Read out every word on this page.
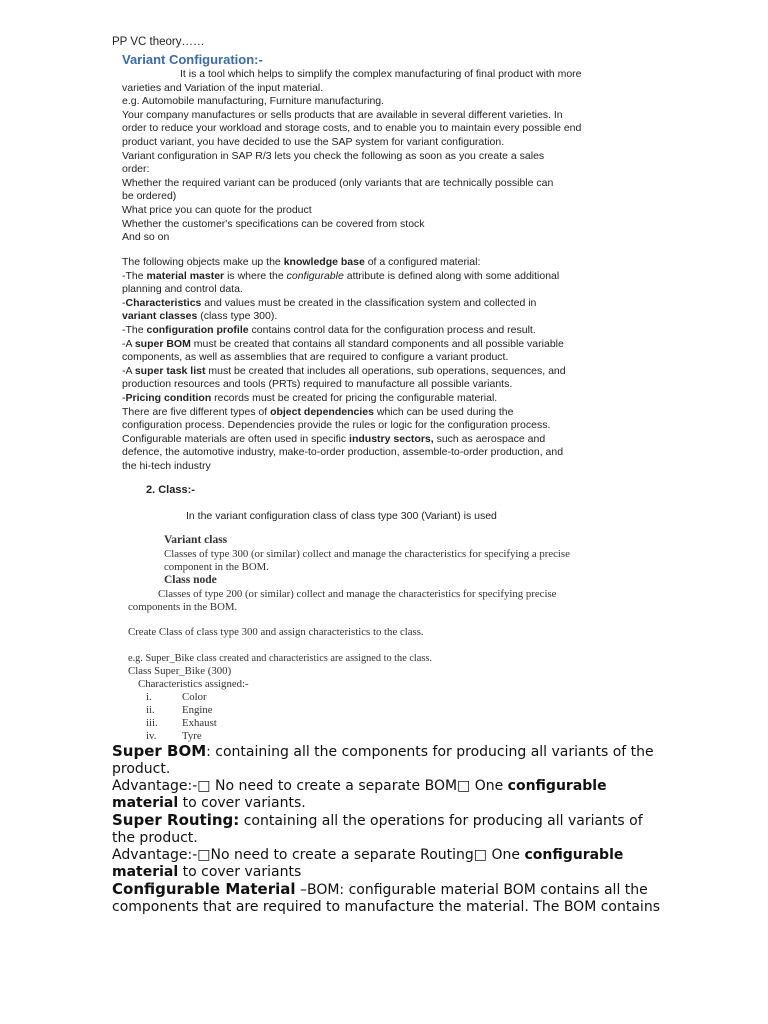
PP VC theory……
Variant Configuration:-
It is a tool which helps to simplify the complex manufacturing of final product with more
varieties and Variation of the input material.
e.g. Automobile manufacturing, Furniture manufacturing.
Your company manufactures or sells products that are available in several different varieties. In
order to reduce your workload and storage costs, and to enable you to maintain every possible end
product variant, you have decided to use the SAP system for variant configuration.
Variant configuration in SAP R/3 lets you check the following as soon as you create a sales
order:
Whether the required variant can be produced (only variants that are technically possible can
be ordered)
What price you can quote for the product
Whether the customer's specifications can be covered from stock
And so on
The following objects make up the knowledge base of a configured material:
-The material master is where the configurable attribute is defined along with some additional
planning and control data.
-Characteristics and values must be created in the classification system and collected in
variant classes (class type 300).
-The configuration profile contains control data for the configuration process and result.
-A super BOM must be created that contains all standard components and all possible variable
components, as well as assemblies that are required to configure a variant product.
-A super task list must be created that includes all operations, sub operations, sequences, and
production resources and tools (PRTs) required to manufacture all possible variants.
-Pricing condition records must be created for pricing the configurable material.
There are five different types of object dependencies which can be used during the
configuration process. Dependencies provide the rules or logic for the configuration process.
Configurable materials are often used in specific industry sectors, such as aerospace and
defence, the automotive industry, make-to-order production, assemble-to-order production, and
the hi-tech industry
2. Class:-
In the variant configuration class of class type 300 (Variant) is used
Variant class
Classes of type 300 (or similar) collect and manage the characteristics for specifying a precise
component in the BOM.
Class node
Classes of type 200 (or similar) collect and manage the characteristics for specifying precise
components in the BOM.
Create Class of class type 300 and assign characteristics to the class.
e.g. Super_Bike class created and characteristics are assigned to the class.
Class Super_Bike (300)
Characteristics assigned:-
i.	Color
ii.	Engine
iii. Exhaust
iv. Tyre
Super BOM: containing all the components for producing all variants of the
product.
Advantage:-□ No need to create a separate BOM□ One configurable
material to cover variants.
Super Routing: containing all the operations for producing all variants of
the product.
Advantage:-□No need to create a separate Routing□ One configurable
material to cover variants
Configurable Material –BOM: configurable material BOM contains all the
components that are required to manufacture the material. The BOM contains
